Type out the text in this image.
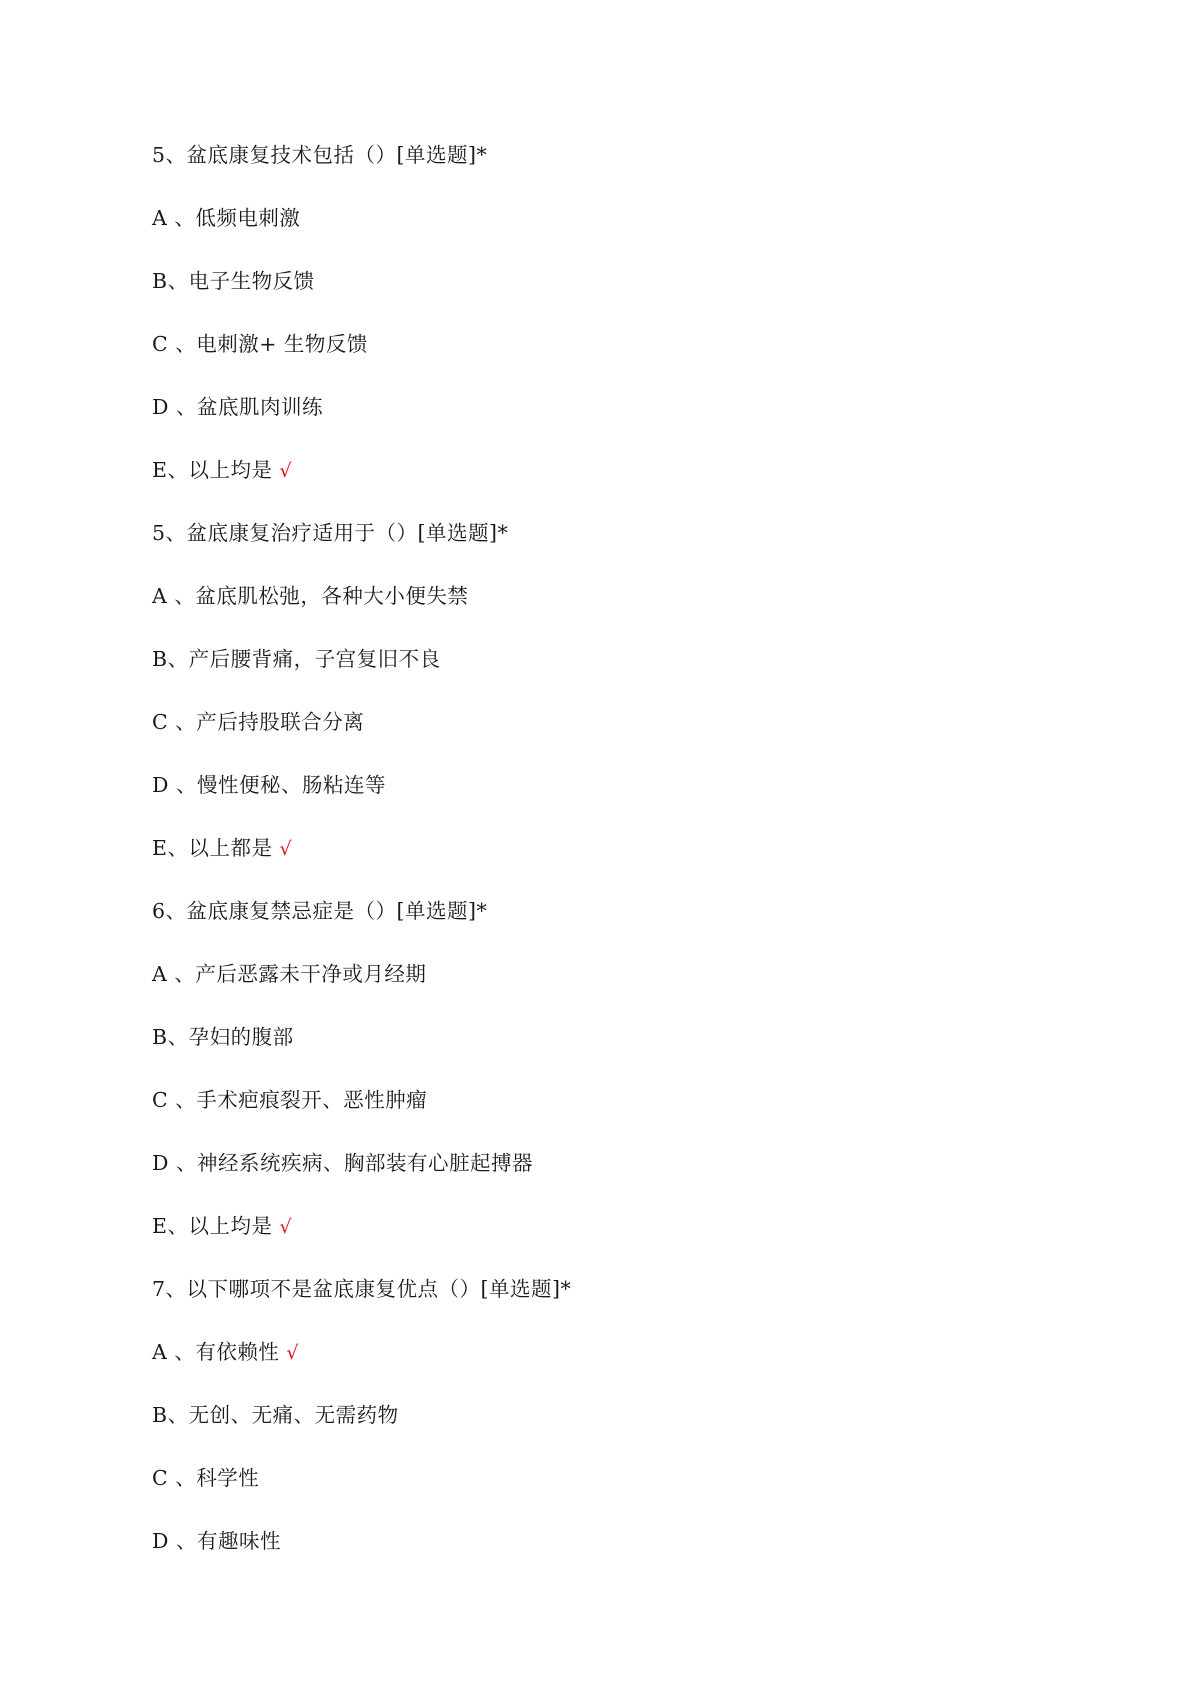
5、盆底康复技术包括（）[单选题]*
A 、低频电刺激
B、电子生物反馈
C 、电刺激+ 生物反馈
D 、盆底肌肉训练
E、以上均是 √
5、盆底康复治疗适用于（）[单选题]*
A 、盆底肌松弛，各种大小便失禁
B、产后腰背痛，子宫复旧不良
C 、产后持股联合分离
D 、慢性便秘、肠粘连等
E、以上都是 √
6、盆底康复禁忌症是（）[单选题]*
A 、产后恶露未干净或月经期
B、孕妇的腹部
C 、手术疤痕裂开、恶性肿瘤
D 、神经系统疾病、胸部装有心脏起搏器
E、以上均是 √
7、以下哪项不是盆底康复优点（）[单选题]*
A 、有依赖性 √
B、无创、无痛、无需药物
C 、科学性
D 、有趣味性
